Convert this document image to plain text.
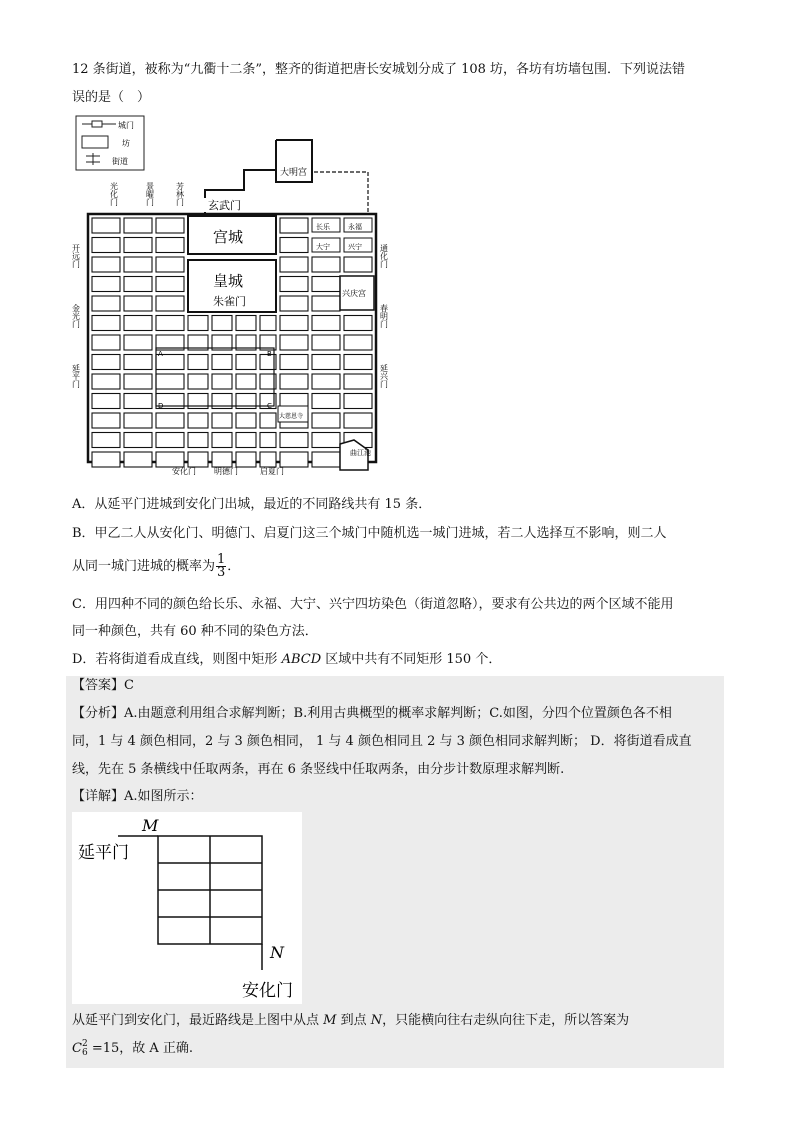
12 条街道，被称为“九衢十二条”，整齐的街道把唐长安城划分成了 108 坊，各坊有坊墙包围．下列说法错
误的是（　）
城门
坊
街道
大明宫
宫城
皇城
朱雀门
玄武门
长乐	永福
大宁	兴宁
兴庆宫
大慈恩寺
A	B
C
D
曲江池
光化门	景曜门	芳林门
开远门
金光门
延平门
通化门
春明门
延兴门
安化门 明德门	启夏门
A．从延平门进城到安化门出城，最近的不同路线共有 15 条．
B．甲乙二人从安化门、明德门、启夏门这三个城门中随机选一城门进城，若二人选择互不影响，则二人
从同一城门进城的概率为 $\frac{1}{3}$ ．
C．用四种不同的颜色给长乐、永福、大宁、兴宁四坊染色（街道忽略），要求有公共边的两个区域不能用
同一种颜色，共有 60 种不同的染色方法．
D．若将街道看成直线，则图中矩形 ABCD 区域中共有不同矩形 150 个．
【答案】C
【分析】A.由题意利用组合求解判断；B.利用古典概型的概率求解判断；C.如图，分四个位置颜色各不相
同，1 与 4 颜色相同，2 与 3 颜色相同， 1 与 4 颜色相同且 2 与 3 颜色相同求解判断； D．将街道看成直
线，先在 5 条横线中任取两条，再在 6 条竖线中任取两条，由分步计数原理求解判断.
【详解】A.如图所示：
M
延平门
N
安化门
从延平门到安化门，最近路线是上图中从点 M 到点 N，只能横向往右走纵向往下走，所以答案为
C 2
6 =15，故 A 正确.
